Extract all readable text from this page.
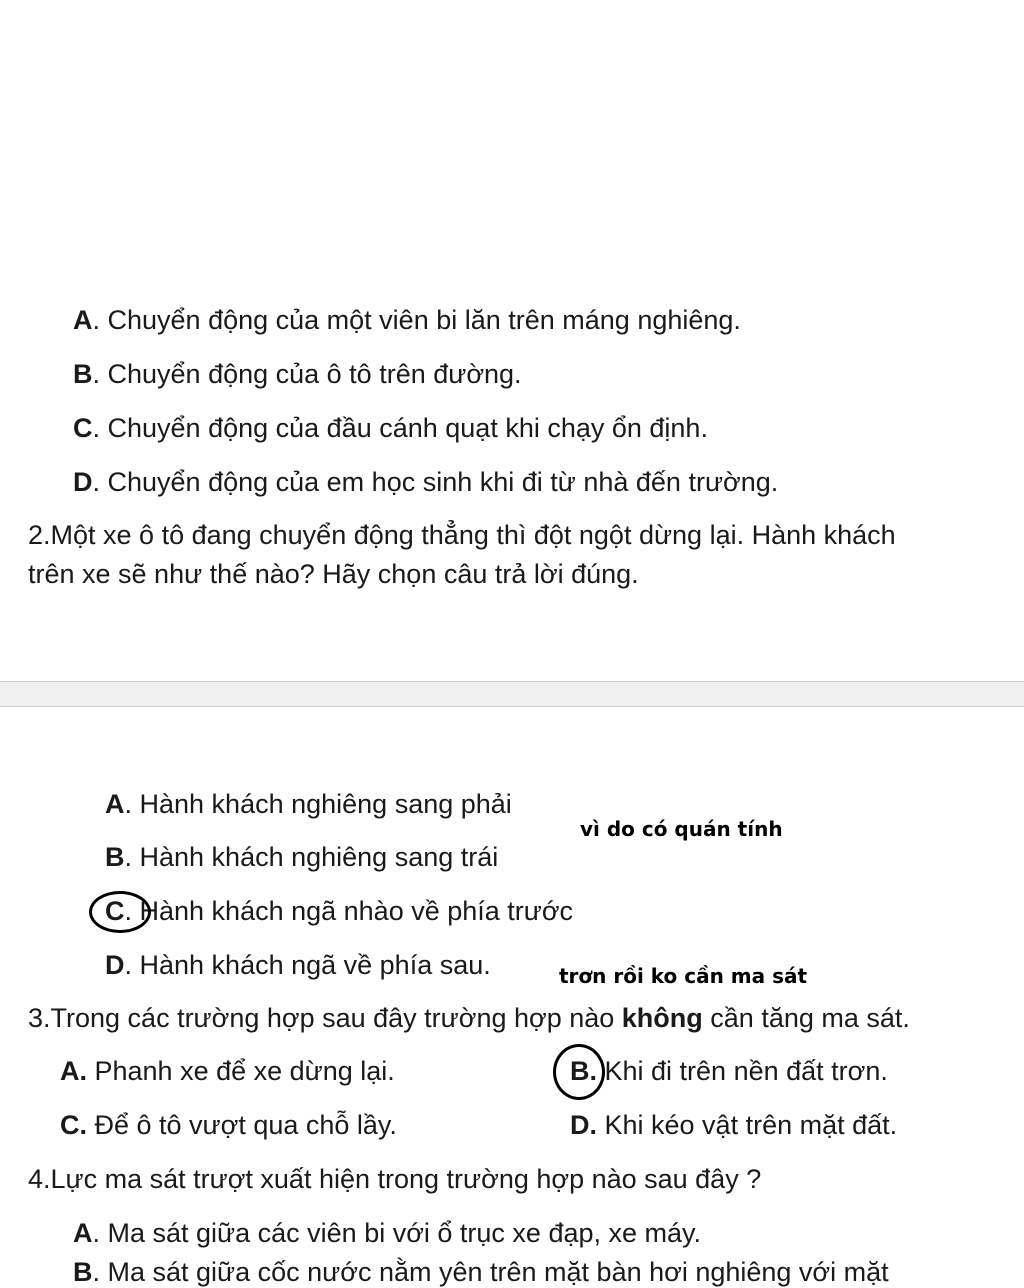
A. Chuyển động của một viên bi lăn trên máng nghiêng.
B. Chuyển động của ô tô trên đường.
C. Chuyển động của đầu cánh quạt khi chạy ổn định.
D. Chuyển động của em học sinh khi đi từ nhà đến trường.
2.Một xe ô tô đang chuyển động thẳng thì đột ngột dừng lại. Hành khách
trên xe sẽ như thế nào? Hãy chọn câu trả lời đúng.
A. Hành khách nghiêng sang phải
vì do có quán tính
B. Hành khách nghiêng sang trái
C. Hành khách ngã nhào về phía trước
D. Hành khách ngã về phía sau.	trơn rồi ko cần ma sát
3.Trong các trường hợp sau đây trường hợp nào không cần tăng ma sát.
A. Phanh xe để xe dừng lại.	B. Khi đi trên nền đất trơn.
C. Để ô tô vượt qua chỗ lầy.	D. Khi kéo vật trên mặt đất.
4.Lực ma sát trượt xuất hiện trong trường hợp nào sau đây ?
A. Ma sát giữa các viên bi với ổ trục xe đạp, xe máy.
B. Ma sát giữa cốc nước nằm yên trên mặt bàn hơi nghiêng với mặt
